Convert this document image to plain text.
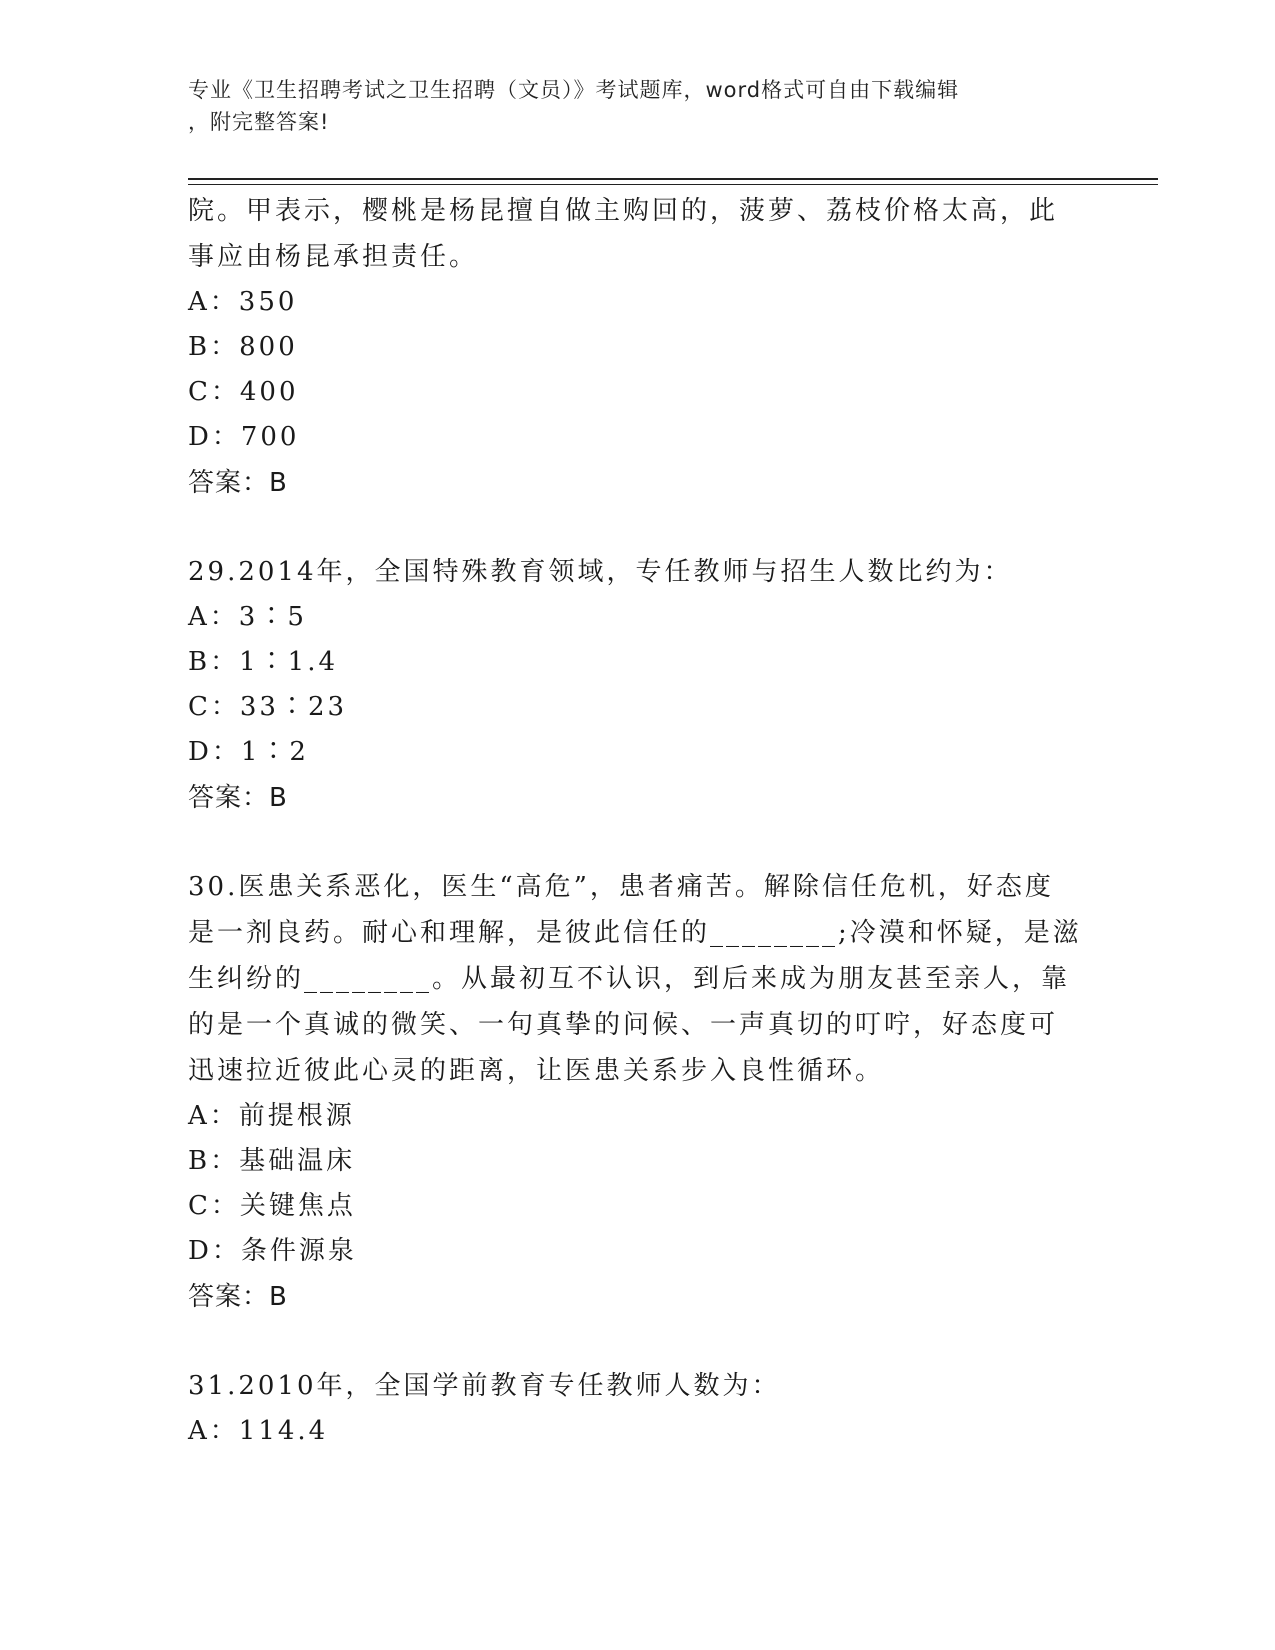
专业《卫生招聘考试之卫生招聘（文员）》考试题库，word格式可自由下载编辑
，附完整答案!
院。甲表示，樱桃是杨昆擅自做主购回的，菠萝、荔枝价格太高，此
事应由杨昆承担责任。
A：350
B：800
C：400
D：700
答案：B
29.2014年，全国特殊教育领域，专任教师与招生人数比约为：
A：3∶5
B：1∶1.4
C：33∶23
D：1∶2
答案：B
30.医患关系恶化，医生“高危”，患者痛苦。解除信任危机，好态度
是一剂良药。耐心和理解，是彼此信任的________;冷漠和怀疑，是滋
生纠纷的________。从最初互不认识，到后来成为朋友甚至亲人，靠
的是一个真诚的微笑、一句真挚的问候、一声真切的叮咛，好态度可
迅速拉近彼此心灵的距离，让医患关系步入良性循环。
A：前提根源
B：基础温床
C：关键焦点
D：条件源泉
答案：B
31.2010年，全国学前教育专任教师人数为：
A：114.4
